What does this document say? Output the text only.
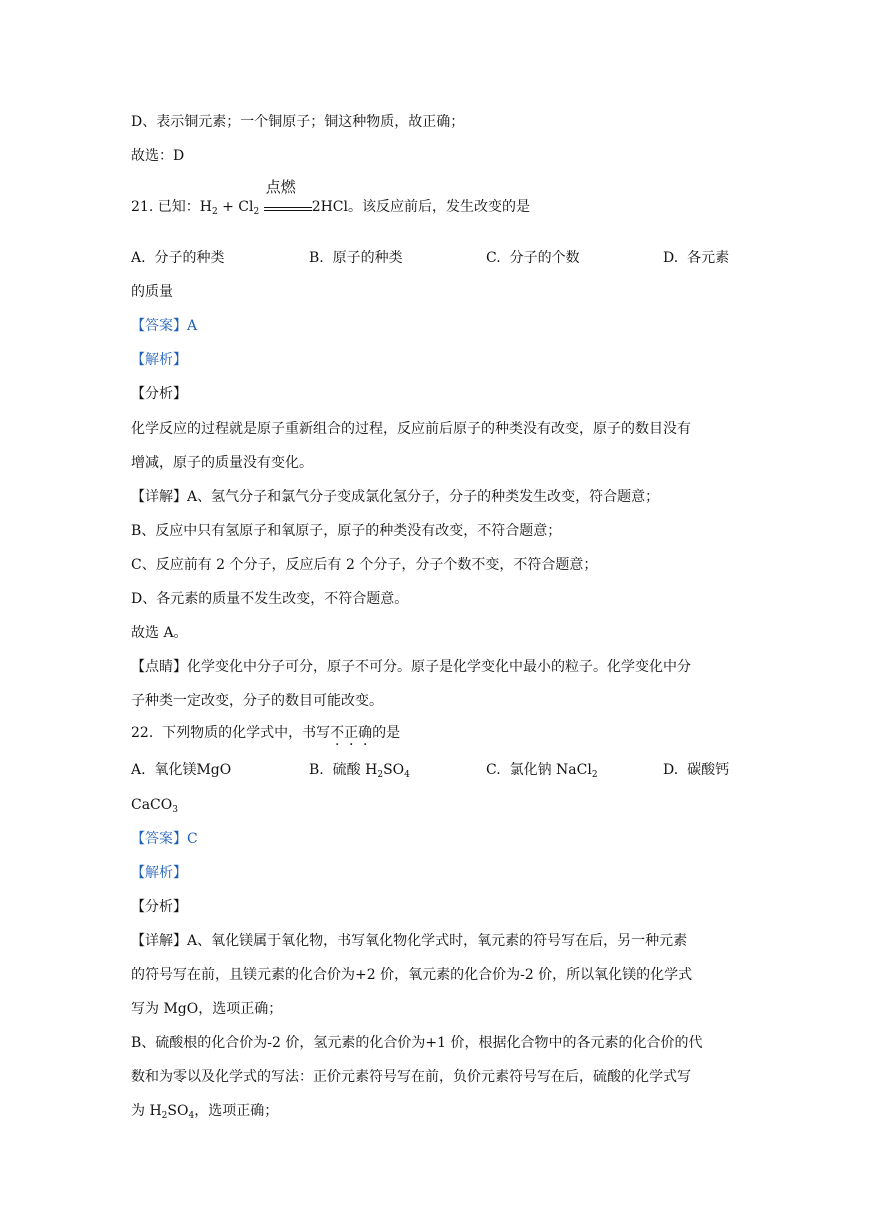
D、表示铜元素；一个铜原子；铜这种物质，故正确；
故选：D
21. 已知：$H_2 + Cl_2$
点燃
2HCl。该反应前后，发生改变的是
A. 分子的种类	B. 原子的种类	C. 分子的个数	D. 各元素
的质量
【答案】A
【解析】
【分析】
化学反应的过程就是原子重新组合的过程，反应前后原子的种类没有改变，原子的数目没有
增减，原子的质量没有变化。
【详解】A、氢气分子和氯气分子变成氯化氢分子，分子的种类发生改变，符合题意；
B、反应中只有氢原子和氧原子，原子的种类没有改变，不符合题意；
C、反应前有 2 个分子，反应后有 2 个分子，分子个数不变，不符合题意；
D、各元素的质量不发生改变，不符合题意。
故选 A。
【点睛】化学变化中分子可分，原子不可分。原子是化学变化中最小的粒子。化学变化中分
子种类一定改变，分子的数目可能改变。
22. 下列物质的化学式中，书写不正确的是
A. 氧化镁MgO	B. 硫酸 $H_2SO_4$	C. 氯化钠 NaCl$_2$	D. 碳酸钙
CaCO$_3$
【答案】C
【解析】
【分析】
【详解】A、氧化镁属于氧化物，书写氧化物化学式时，氧元素的符号写在后，另一种元素
的符号写在前，且镁元素的化合价为+2 价，氧元素的化合价为-2 价，所以氧化镁的化学式
写为 MgO，选项正确；
B、硫酸根的化合价为-2 价，氢元素的化合价为+1 价，根据化合物中的各元素的化合价的代
数和为零以及化学式的写法：正价元素符号写在前，负价元素符号写在后，硫酸的化学式写
为 $H_2SO_4$，选项正确；
